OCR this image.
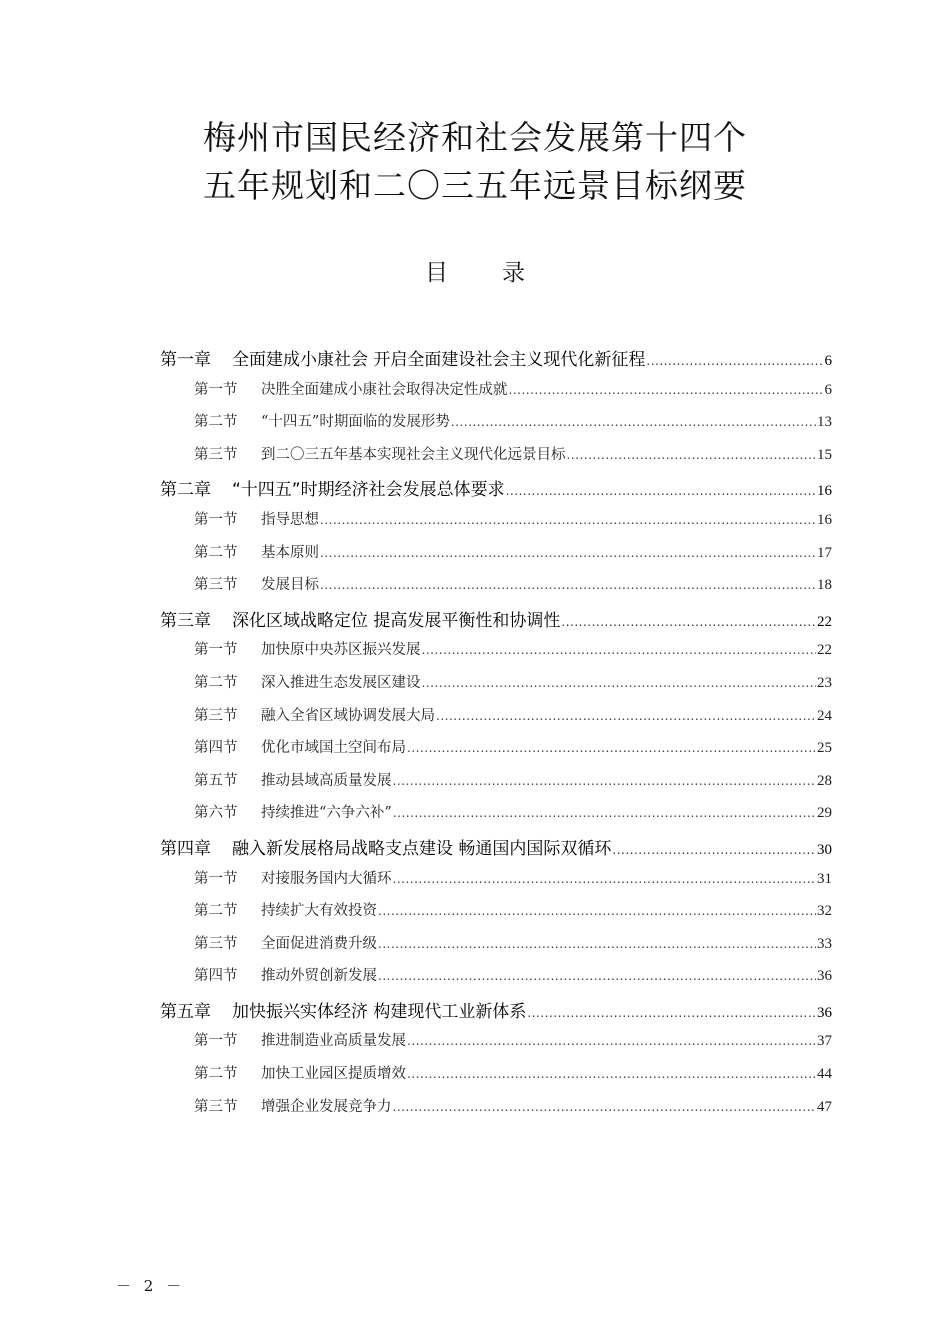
梅州市国民经济和社会发展第十四个
五年规划和二〇三五年远景目标纲要
目 录
第一章	全面建成小康社会 开启全面建设社会主义现代化新征程 .....	6
第一节	决胜全面建成小康社会取得决定性成就 .....	6
第二节	“十四五”时期面临的发展形势 .....	13
第三节	到二〇三五年基本实现社会主义现代化远景目标 .....	15
第二章	“十四五”时期经济社会发展总体要求 .....	16
第一节	指导思想 .....	16
第二节	基本原则 .....	17
第三节	发展目标 .....	18
第三章	深化区域战略定位 提高发展平衡性和协调性 .....	22
第一节	加快原中央苏区振兴发展 .....	22
第二节	深入推进生态发展区建设 .....	23
第三节	融入全省区域协调发展大局 .....	24
第四节	优化市域国土空间布局 .....	25
第五节	推动县域高质量发展 .....	28
第六节	持续推进“六争六补” .....	29
第四章	融入新发展格局战略支点建设 畅通国内国际双循环 .....	30
第一节	对接服务国内大循环 .....	31
第二节	持续扩大有效投资 .....	32
第三节	全面促进消费升级 .....	33
第四节	推动外贸创新发展 .....	36
第五章	加快振兴实体经济 构建现代工业新体系 .....	36
第一节	推进制造业高质量发展 .....	37
第二节	加快工业园区提质增效 .....	44
第三节	增强企业发展竞争力 .....	47
－ 2 －
